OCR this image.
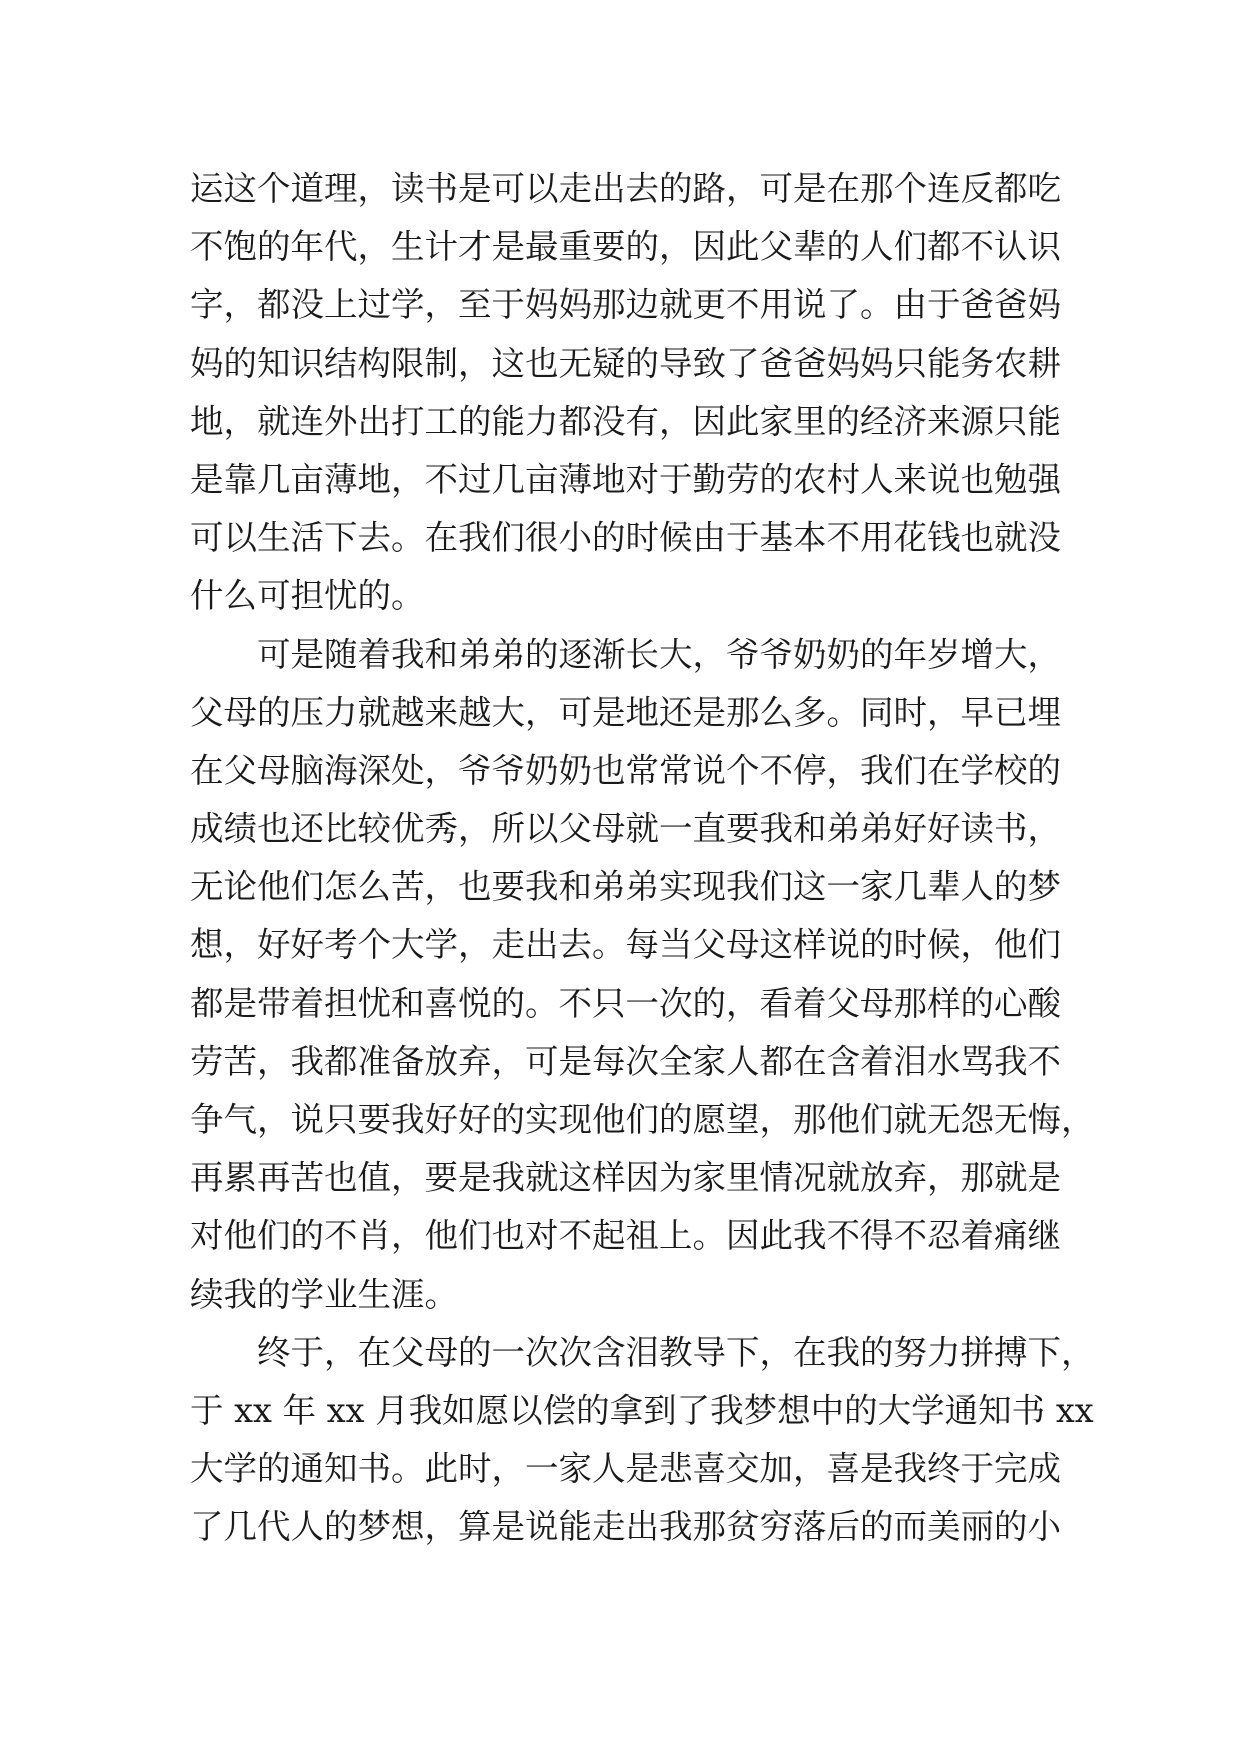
运这个道理，读书是可以走出去的路，可是在那个连反都吃
不饱的年代，生计才是最重要的，因此父辈的人们都不认识
字，都没上过学，至于妈妈那边就更不用说了。由于爸爸妈
妈的知识结构限制，这也无疑的导致了爸爸妈妈只能务农耕
地，就连外出打工的能力都没有，因此家里的经济来源只能
是靠几亩薄地，不过几亩薄地对于勤劳的农村人来说也勉强
可以生活下去。在我们很小的时候由于基本不用花钱也就没
什么可担忧的。
可是随着我和弟弟的逐渐长大，爷爷奶奶的年岁增大，
父母的压力就越来越大，可是地还是那么多。同时，早已埋
在父母脑海深处，爷爷奶奶也常常说个不停，我们在学校的
成绩也还比较优秀，所以父母就一直要我和弟弟好好读书，
无论他们怎么苦，也要我和弟弟实现我们这一家几辈人的梦
想，好好考个大学，走出去。每当父母这样说的时候，他们
都是带着担忧和喜悦的。不只一次的，看着父母那样的心酸
劳苦，我都准备放弃，可是每次全家人都在含着泪水骂我不
争气，说只要我好好的实现他们的愿望，那他们就无怨无悔，
再累再苦也值，要是我就这样因为家里情况就放弃，那就是
对他们的不肖，他们也对不起祖上。因此我不得不忍着痛继
续我的学业生涯。
终于，在父母的一次次含泪教导下，在我的努力拼搏下，
于 xx 年 xx 月我如愿以偿的拿到了我梦想中的大学通知书 xx
大学的通知书。此时，一家人是悲喜交加，喜是我终于完成
了几代人的梦想，算是说能走出我那贫穷落后的而美丽的小
